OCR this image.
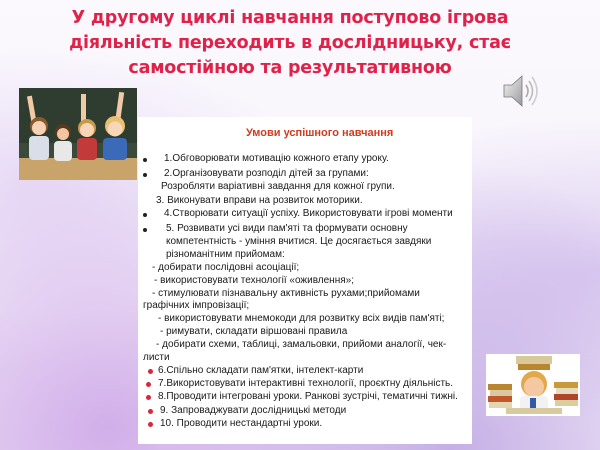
У другому циклі навчання поступово ігрова діяльність переходить в дослідницьку, стає самостійною та результативною
Умови успішного навчання
1.Обговорювати мотивацію кожного етапу уроку.
2.Організовувати розподіл дітей за групами:
Розробляти варіативні завдання для кожної групи.
3. Виконувати вправи на розвиток моторики.
4.Створювати ситуації успіху. Використовувати ігрові моменти
5. Розвивати усі види пам'яті та формувати основну
компетентність - уміння вчитися. Це досягається завдяки
різноманітним прийомам:
- добирати послідовні асоціації;
- використовувати технології «оживлення»;
- стимулювати пізнавальну активність рухами;прийомами
графічних імпровізації;
- використовувати мнемокоди для розвитку всіх видів пам'яті;
- римувати, складати віршовані правила
- добирати схеми, таблиці, замальовки, прийоми аналогії, чек-
листи
6.Спільно складати пам'ятки, інтелект-карти
7.Використовувати інтерактивні технології, проєктну діяльність.
8.Проводити інтегровані уроки. Ранкові зустрічі, тематичні тижні.
9. Запроваджувати дослідницькі методи
10. Проводити нестандартні уроки.
